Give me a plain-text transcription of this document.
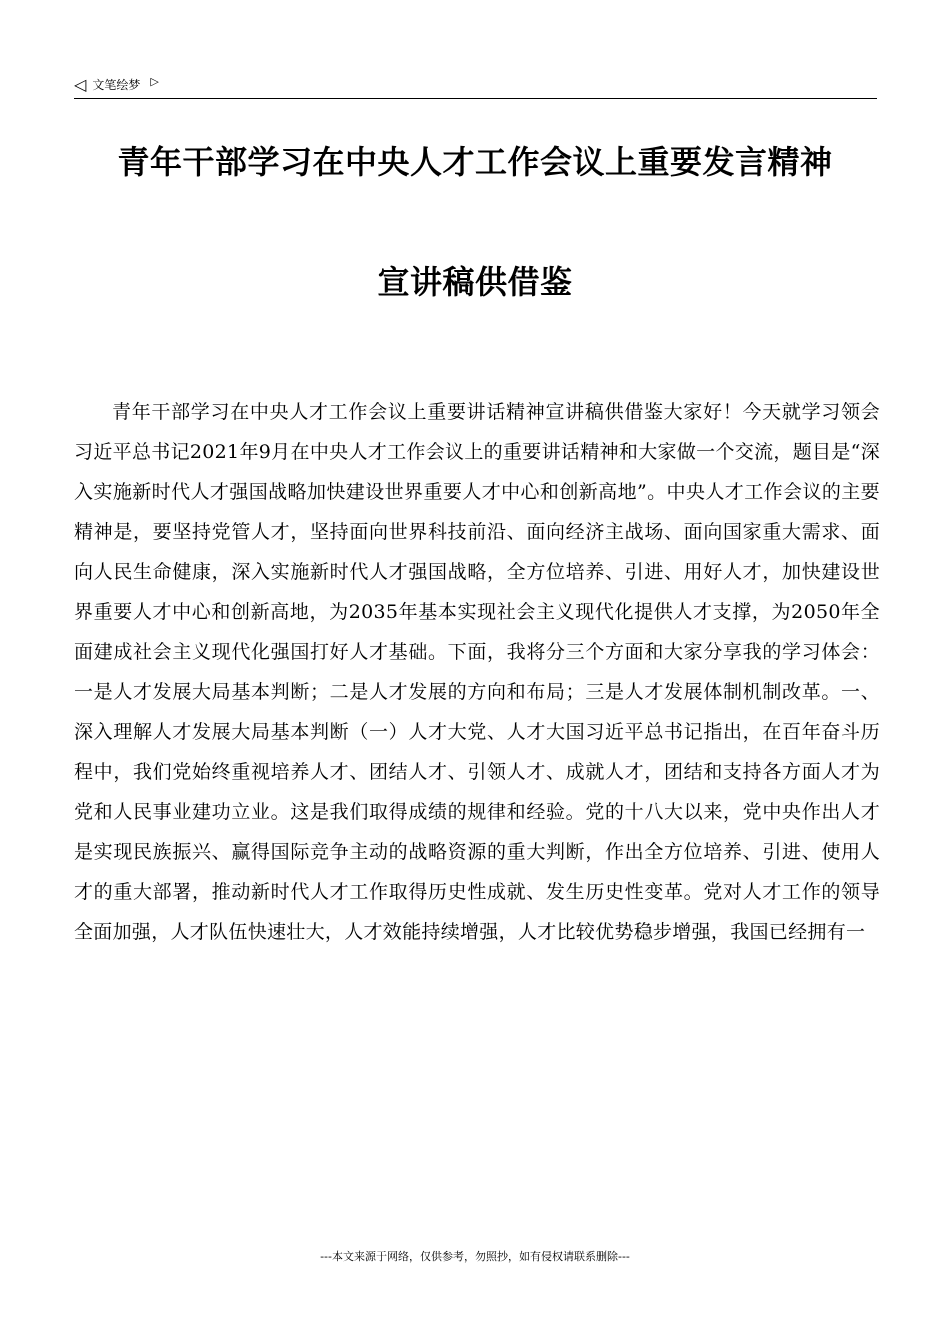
◁ 文笔绘梦 ▷
青年干部学习在中央人才工作会议上重要发言精神
宣讲稿供借鉴

青年干部学习在中央人才工作会议上重要讲话精神宣讲稿供借鉴大家好！今天就学习领会习近平总书记2021年9月在中央人才工作会议上的重要讲话精神和大家做一个交流，题目是“深入实施新时代人才强国战略加快建设世界重要人才中心和创新高地”。中央人才工作会议的主要精神是，要坚持党管人才，坚持面向世界科技前沿、面向经济主战场、面向国家重大需求、面向人民生命健康，深入实施新时代人才强国战略，全方位培养、引进、用好人才，加快建设世界重要人才中心和创新高地，为2035年基本实现社会主义现代化提供人才支撑，为2050年全面建成社会主义现代化强国打好人才基础。下面，我将分三个方面和大家分享我的学习体会：一是人才发展大局基本判断；二是人才发展的方向和布局；三是人才发展体制机制改革。一、深入理解人才发展大局基本判断（一）人才大党、人才大国习近平总书记指出，在百年奋斗历程中，我们党始终重视培养人才、团结人才、引领人才、成就人才，团结和支持各方面人才为党和人民事业建功立业。这是我们取得成绩的规律和经验。党的十八大以来，党中央作出人才是实现民族振兴、赢得国际竞争主动的战略资源的重大判断，作出全方位培养、引进、使用人才的重大部署，推动新时代人才工作取得历史性成就、发生历史性变革。党对人才工作的领导全面加强，人才队伍快速壮大，人才效能持续增强，人才比较优势稳步增强，我国已经拥有一

---本文来源于网络，仅供参考，勿照抄，如有侵权请联系删除---
